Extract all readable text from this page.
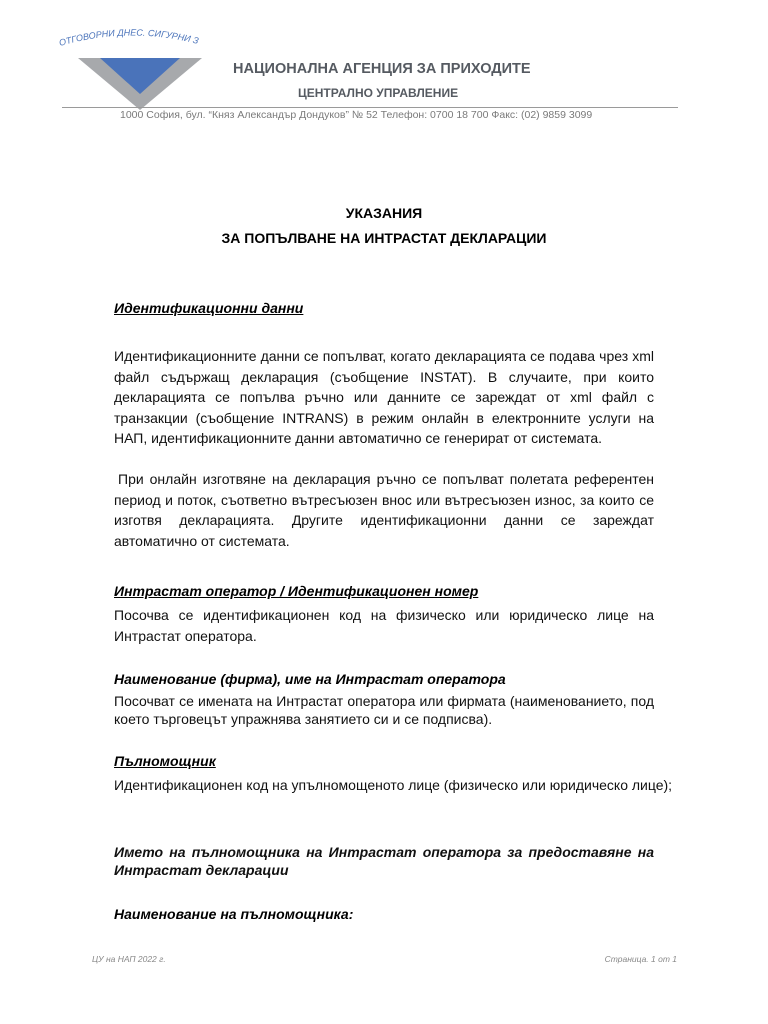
ОТГОВОРНИ ДНЕС. СИГУРНИ З
НАЦИОНАЛНА АГЕНЦИЯ ЗА ПРИХОДИТЕ
ЦЕНТРАЛНО УПРАВЛЕНИЕ
1000 София, бул. “Княз Александър Дондуков” № 52 Телефон: 0700 18 700 Факс: (02) 9859 3099
УКАЗАНИЯ
ЗА ПОПЪЛВАНЕ НА ИНТРАСТАТ ДЕКЛАРАЦИИ
Идентификационни данни

Идентификационните данни се попълват, когато декларацията се подава чрез xml файл съдържащ декларация (съобщение INSTAT). В случаите, при които декларацията се попълва ръчно или данните се зареждат от xml файл с транзакции (съобщение INTRANS) в режим онлайн в електронните услуги на НАП, идентификационните данни автоматично се генерират от системата.

При онлайн изготвяне на декларация ръчно се попълват полетата референтен период и поток, съответно вътресъюзен внос или вътресъюзен износ, за които се изготвя декларацията. Другите идентификационни данни се зареждат автоматично от системата.

Интрастат оператор / Идентификационен номер

Посочва се идентификационен код на физическо или юридическо лице на Интрастат оператора.

Наименование (фирма), име на Интрастат оператора

Посочват се имената на Интрастат оператора или фирмата (наименованието, под което търговецът упражнява занятието си и се подписва).

Пълномощник

Идентификационен код на упълномощеното лице (физическо или юридическо лице);

Името на пълномощника на Интрастат оператора за предоставяне на Интрастат декларации

Наименование на пълномощника:
ЦУ на НАП 2022 г.	Страница. 1 от 1
